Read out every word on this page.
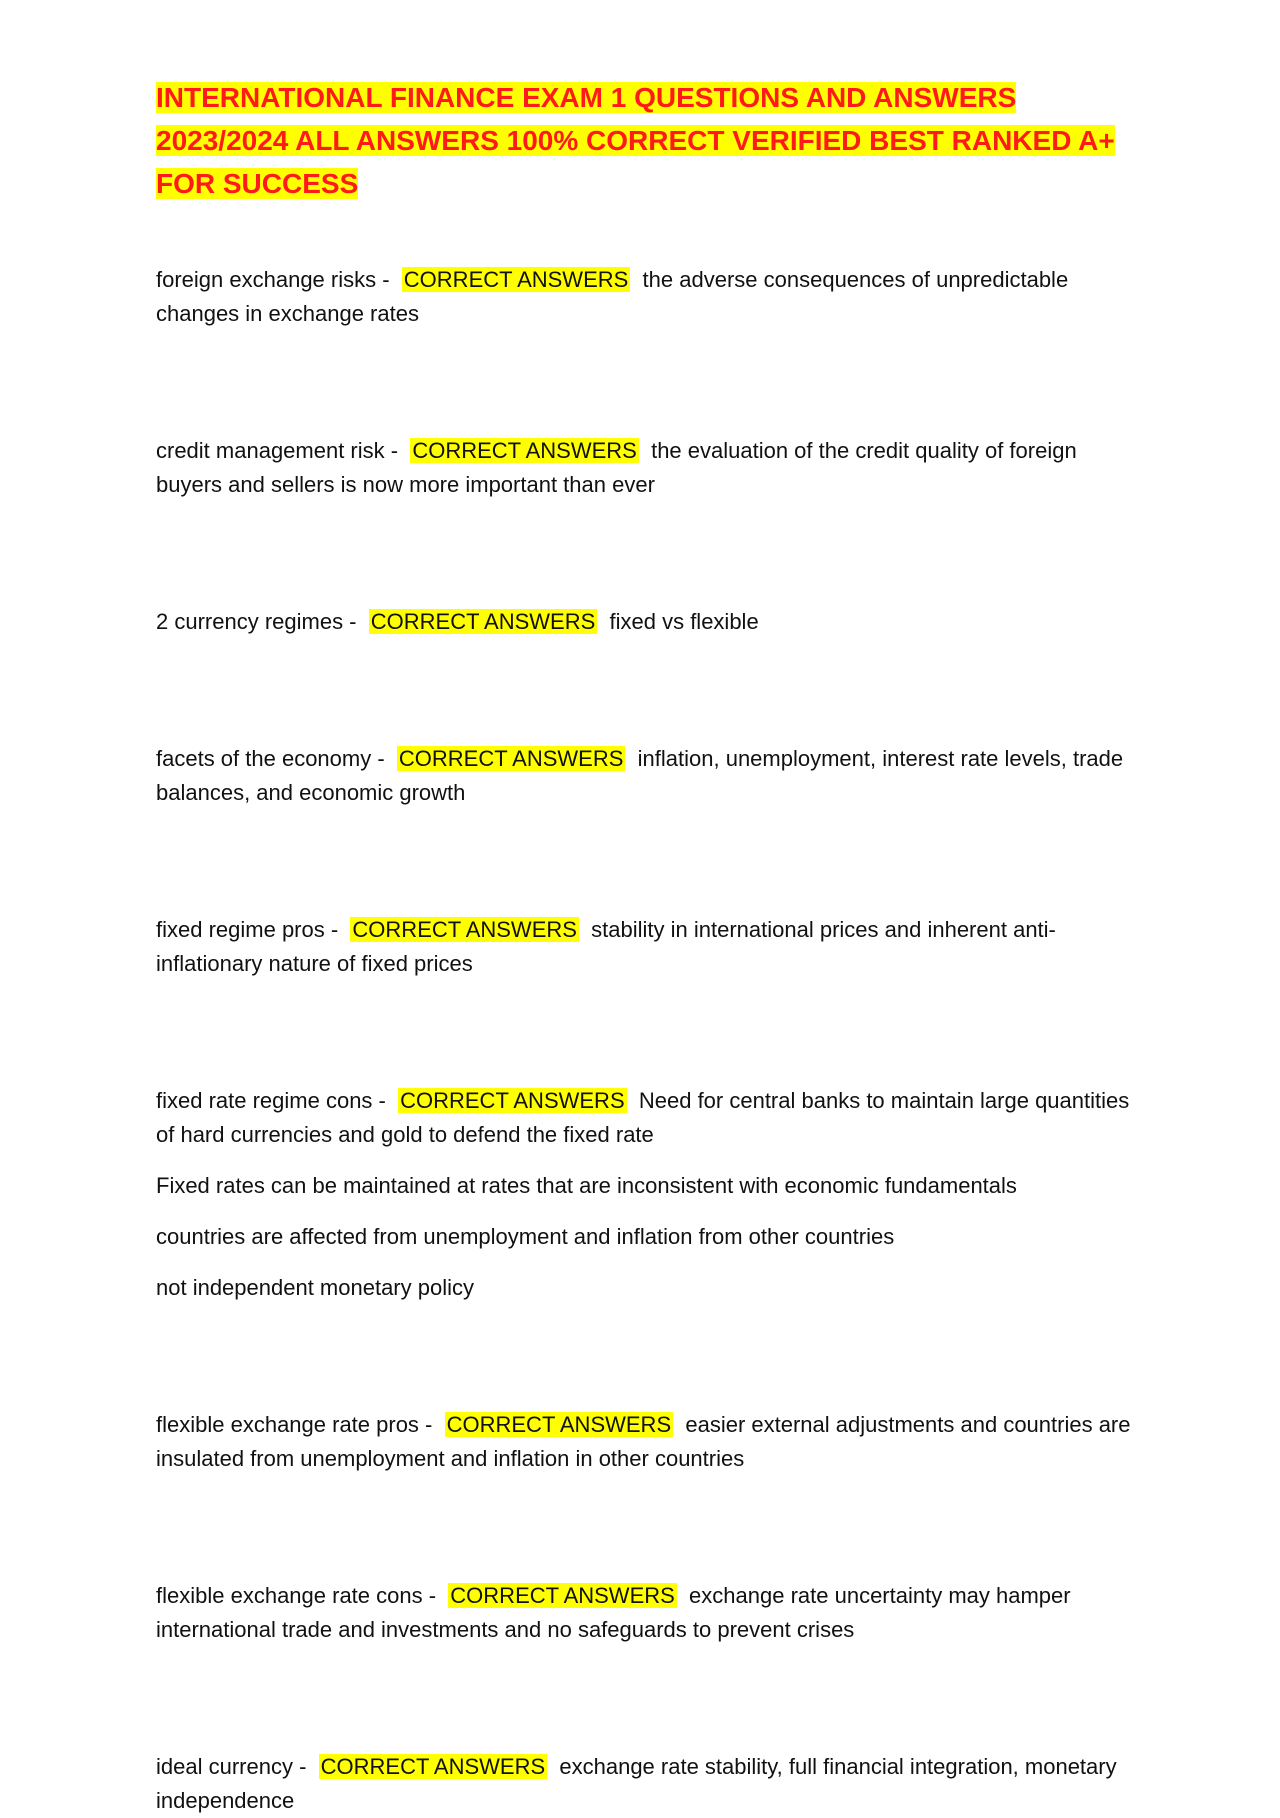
INTERNATIONAL FINANCE EXAM 1 QUESTIONS AND ANSWERS 2023/2024 ALL ANSWERS 100% CORRECT VERIFIED BEST RANKED A+ FOR SUCCESS

foreign exchange risks - CORRECT ANSWERS the adverse consequences of unpredictable changes in exchange rates

credit management risk - CORRECT ANSWERS the evaluation of the credit quality of foreign buyers and sellers is now more important than ever

2 currency regimes - CORRECT ANSWERS fixed vs flexible

facets of the economy - CORRECT ANSWERS inflation, unemployment, interest rate levels, trade balances, and economic growth

fixed regime pros - CORRECT ANSWERS stability in international prices and inherent anti-inflationary nature of fixed prices

fixed rate regime cons - CORRECT ANSWERS Need for central banks to maintain large quantities of hard currencies and gold to defend the fixed rate

Fixed rates can be maintained at rates that are inconsistent with economic fundamentals

countries are affected from unemployment and inflation from other countries

not independent monetary policy

flexible exchange rate pros - CORRECT ANSWERS easier external adjustments and countries are insulated from unemployment and inflation in other countries

flexible exchange rate cons - CORRECT ANSWERS exchange rate uncertainty may hamper international trade and investments and no safeguards to prevent crises

ideal currency - CORRECT ANSWERS exchange rate stability, full financial integration, monetary independence
